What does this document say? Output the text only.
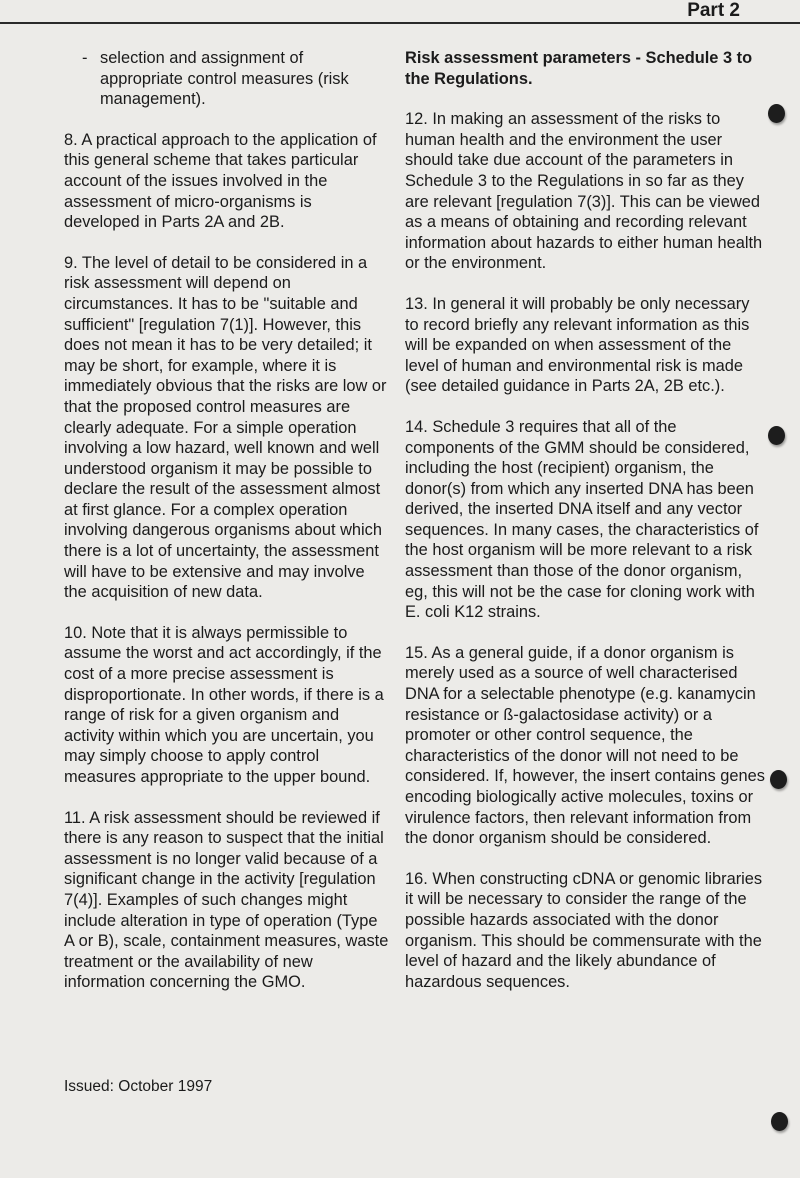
Part 2
- selection and assignment of appropriate control measures (risk management).

8. A practical approach to the application of this general scheme that takes particular account of the issues involved in the assessment of micro-organisms is developed in Parts 2A and 2B.

9. The level of detail to be considered in a risk assessment will depend on circumstances. It has to be "suitable and sufficient" [regulation 7(1)]. However, this does not mean it has to be very detailed; it may be short, for example, where it is immediately obvious that the risks are low or that the proposed control measures are clearly adequate. For a simple operation involving a low hazard, well known and well understood organism it may be possible to declare the result of the assessment almost at first glance. For a complex operation involving dangerous organisms about which there is a lot of uncertainty, the assessment will have to be extensive and may involve the acquisition of new data.

10. Note that it is always permissible to assume the worst and act accordingly, if the cost of a more precise assessment is disproportionate. In other words, if there is a range of risk for a given organism and activity within which you are uncertain, you may simply choose to apply control measures appropriate to the upper bound.

11. A risk assessment should be reviewed if there is any reason to suspect that the initial assessment is no longer valid because of a significant change in the activity [regulation 7(4)]. Examples of such changes might include alteration in type of operation (Type A or B), scale, containment measures, waste treatment or the availability of new information concerning the GMO.

Risk assessment parameters - Schedule 3 to the Regulations.

12. In making an assessment of the risks to human health and the environment the user should take due account of the parameters in Schedule 3 to the Regulations in so far as they are relevant [regulation 7(3)]. This can be viewed as a means of obtaining and recording relevant information about hazards to either human health or the environment.

13. In general it will probably be only necessary to record briefly any relevant information as this will be expanded on when assessment of the level of human and environmental risk is made (see detailed guidance in Parts 2A, 2B etc.).

14. Schedule 3 requires that all of the components of the GMM should be considered, including the host (recipient) organism, the donor(s) from which any inserted DNA has been derived, the inserted DNA itself and any vector sequences. In many cases, the characteristics of the host organism will be more relevant to a risk assessment than those of the donor organism, eg, this will not be the case for cloning work with E. coli K12 strains.

15. As a general guide, if a donor organism is merely used as a source of well characterised DNA for a selectable phenotype (e.g. kanamycin resistance or ß-galactosidase activity) or a promoter or other control sequence, the characteristics of the donor will not need to be considered. If, however, the insert contains genes encoding biologically active molecules, toxins or virulence factors, then relevant information from the donor organism should be considered.

16. When constructing cDNA or genomic libraries it will be necessary to consider the range of the possible hazards associated with the donor organism. This should be commensurate with the level of hazard and the likely abundance of hazardous sequences.

Issued: October 1997
